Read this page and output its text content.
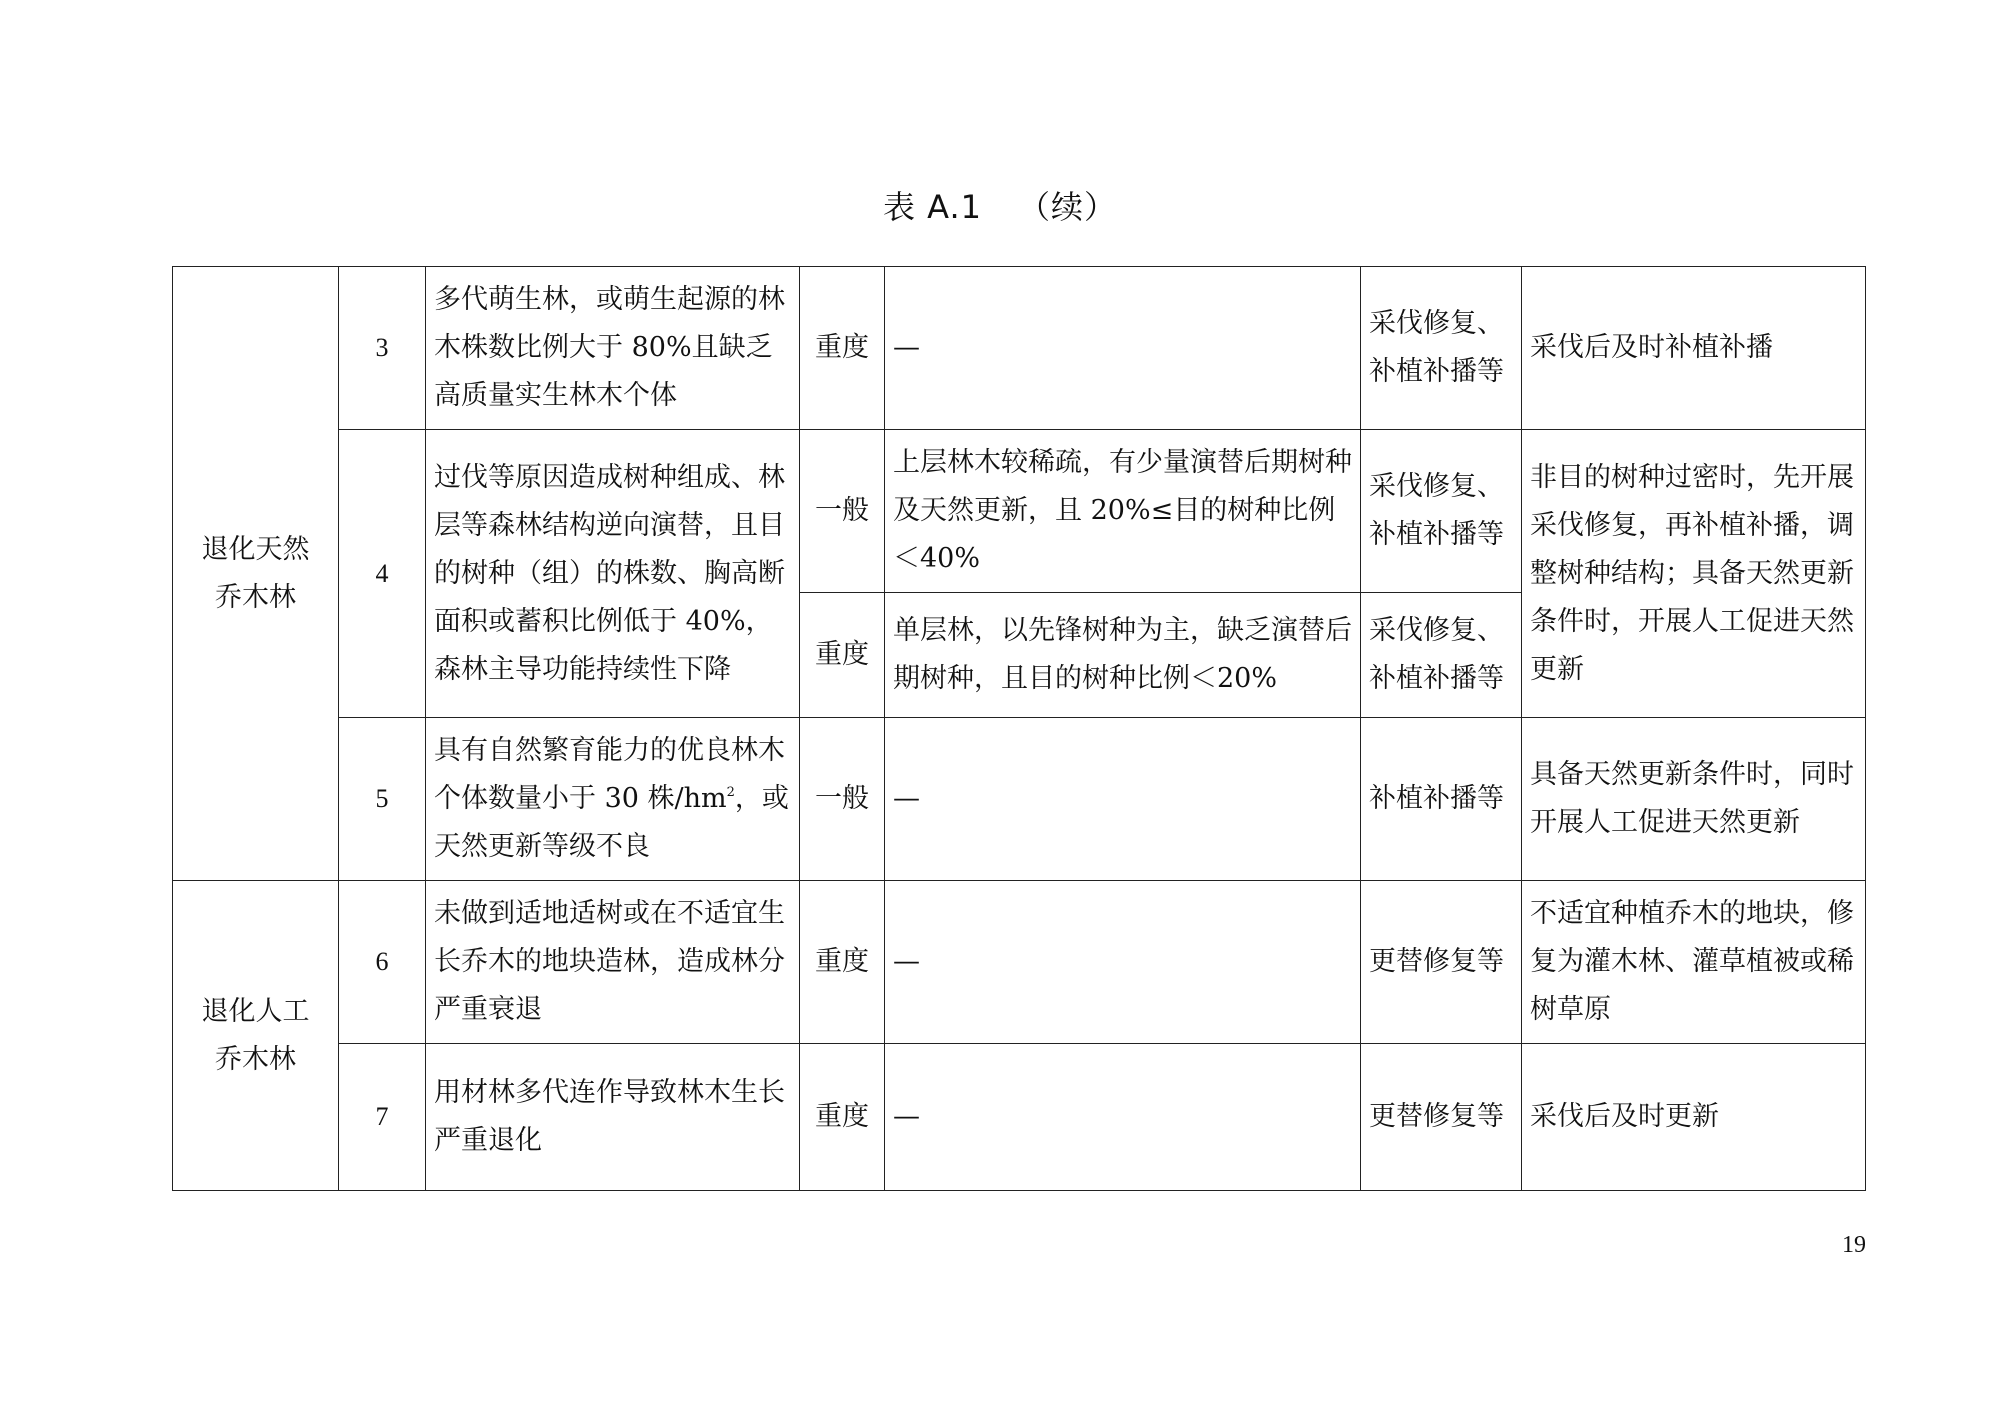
表 A.1 （续）
退化天然
乔木林	3	多代萌生林，或萌生起源的林木株数比例大于 80%且缺乏高质量实生林木个体	重度	—	采伐修复、补植补播等	采伐后及时补植补播
	4	过伐等原因造成树种组成、林层等森林结构逆向演替，且目的树种（组）的株数、胸高断面积或蓄积比例低于 40%，森林主导功能持续性下降	一般	上层林木较稀疏，有少量演替后期树种及天然更新，且 20%≤目的树种比例＜40%	采伐修复、补植补播等	非目的树种过密时，先开展采伐修复，再补植补播，调整树种结构；具备天然更新条件时，开展人工促进天然更新
			重度	单层林，以先锋树种为主，缺乏演替后期树种，且目的树种比例＜20%	采伐修复、补植补播等	
	5	具有自然繁育能力的优良林木个体数量小于 30 株$/hm^2$，或天然更新等级不良	一般	—	补植补播等	具备天然更新条件时，同时开展人工促进天然更新

退化人工
乔木林	6	未做到适地适树或在不适宜生长乔木的地块造林，造成林分严重衰退	重度	—	更替修复等	不适宜种植乔木的地块，修复为灌木林、灌草植被或稀树草原
	7	用材林多代连作导致林木生长严重退化	重度	—	更替修复等	采伐后及时更新
19
